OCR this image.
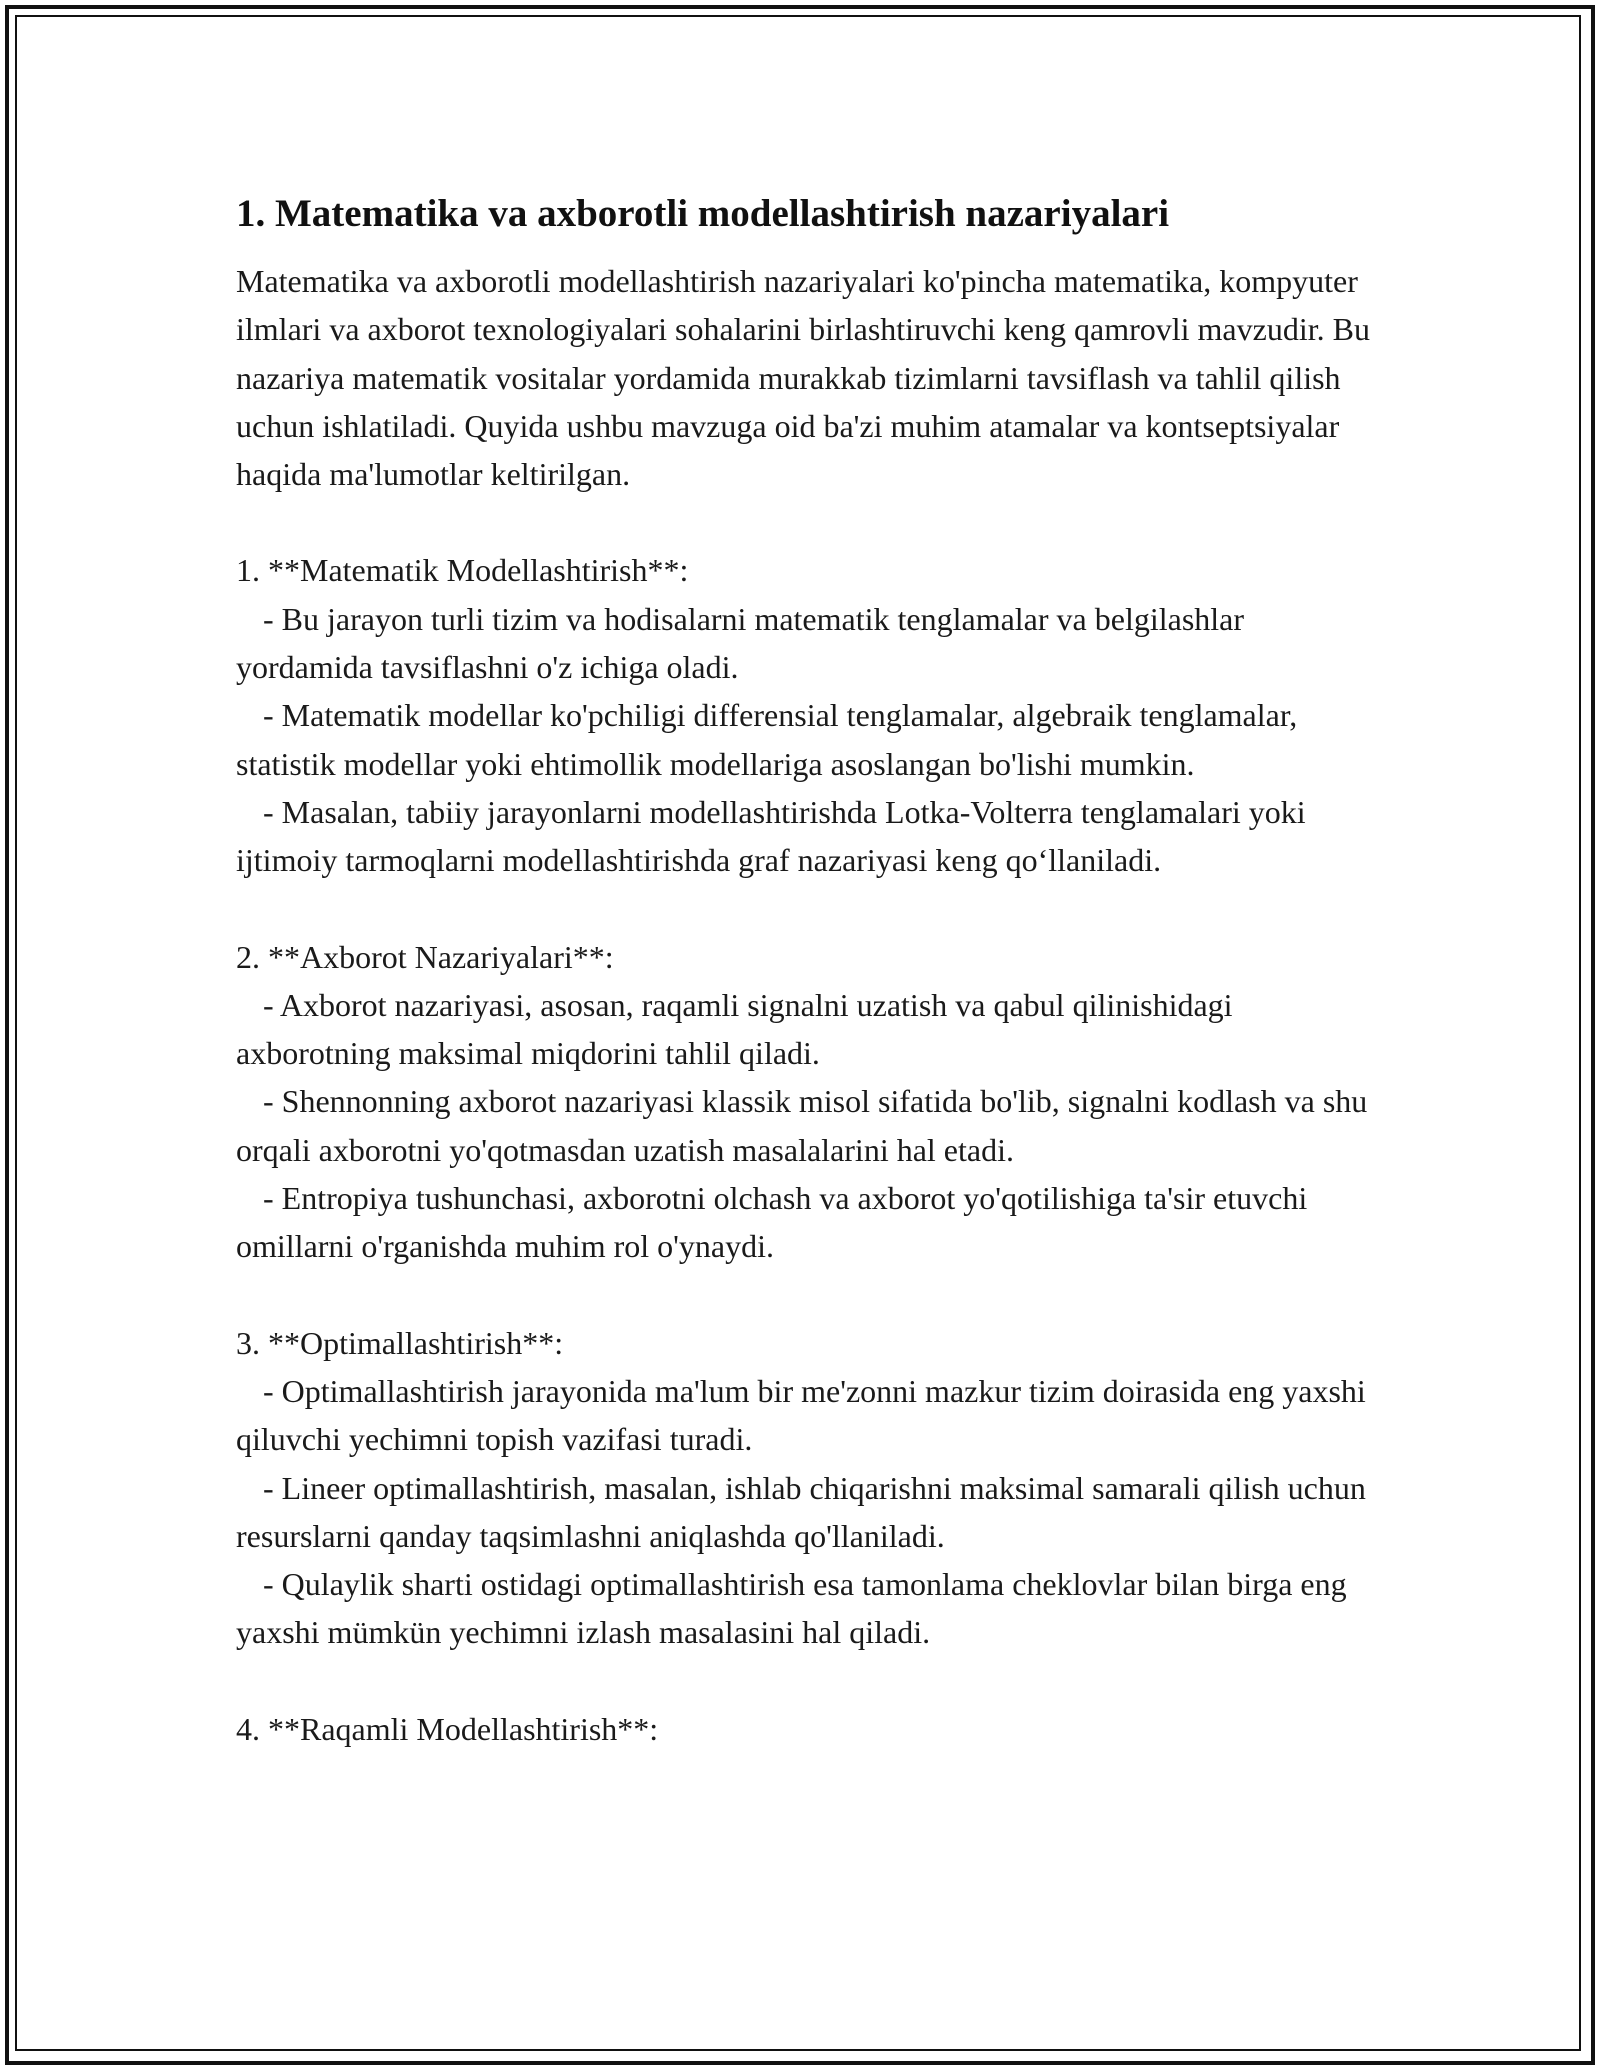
1. Matematika va axborotli modellashtirish nazariyalari

Matematika va axborotli modellashtirish nazariyalari ko'pincha matematika, kompyuter ilmlari va axborot texnologiyalari sohalarini birlashtiruvchi keng qamrovli mavzudir. Bu nazariya matematik vositalar yordamida murakkab tizimlarni tavsiflash va tahlil qilish uchun ishlatiladi. Quyida ushbu mavzuga oid ba'zi muhim atamalar va kontseptsiyalar haqida ma'lumotlar keltirilgan.

1. **Matematik Modellashtirish**:

- Bu jarayon turli tizim va hodisalarni matematik tenglamalar va belgilashlar yordamida tavsiflashni o'z ichiga oladi.
- Matematik modellar ko'pchiligi differensial tenglamalar, algebraik tenglamalar, statistik modellar yoki ehtimollik modellariga asoslangan bo'lishi mumkin.
- Masalan, tabiiy jarayonlarni modellashtirishda Lotka-Volterra tenglamalari yoki ijtimoiy tarmoqlarni modellashtirishda graf nazariyasi keng qo‘llaniladi.

2. **Axborot Nazariyalari**:

- Axborot nazariyasi, asosan, raqamli signalni uzatish va qabul qilinishidagi axborotning maksimal miqdorini tahlil qiladi.
- Shennonning axborot nazariyasi klassik misol sifatida bo'lib, signalni kodlash va shu orqali axborotni yo'qotmasdan uzatish masalalarini hal etadi.
- Entropiya tushunchasi, axborotni olchash va axborot yo'qotilishiga ta'sir etuvchi omillarni o'rganishda muhim rol o'ynaydi.

3. **Optimallashtirish**:

- Optimallashtirish jarayonida ma'lum bir me'zonni mazkur tizim doirasida eng yaxshi qiluvchi yechimni topish vazifasi turadi.
- Lineer optimallashtirish, masalan, ishlab chiqarishni maksimal samarali qilish uchun resurslarni qanday taqsimlashni aniqlashda qo'llaniladi.
- Qulaylik sharti ostidagi optimallashtirish esa tamonlama cheklovlar bilan birga eng yaxshi mümkün yechimni izlash masalasini hal qiladi.

4. **Raqamli Modellashtirish**:
